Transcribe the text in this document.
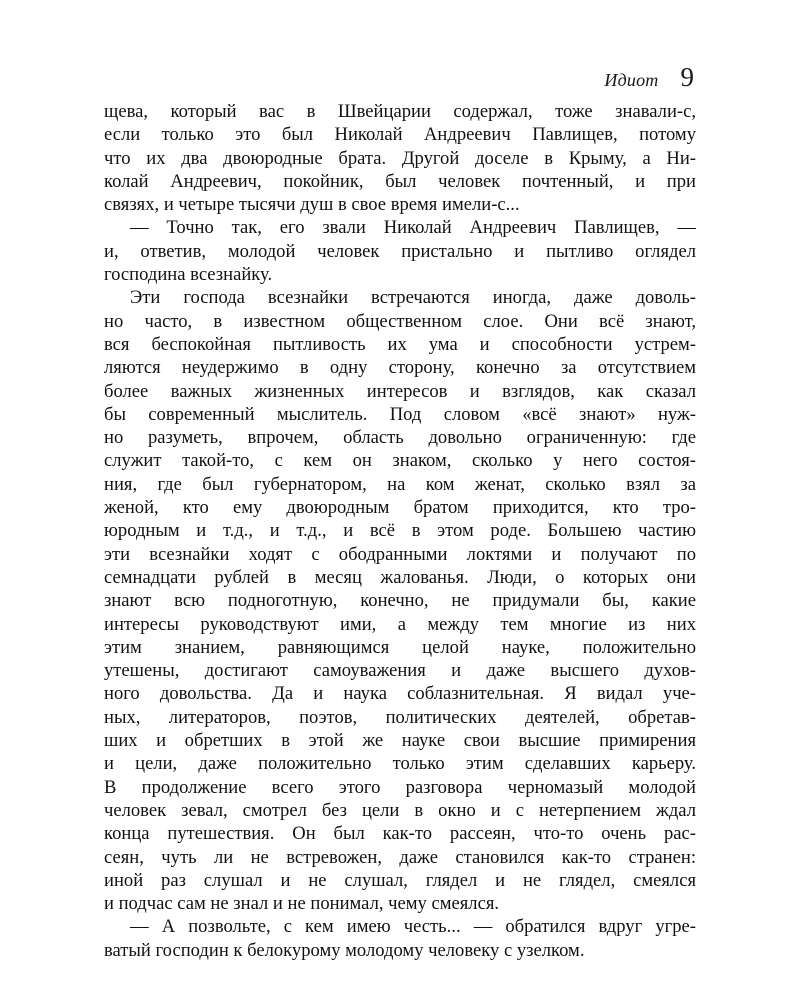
Идиот 9
щева, который вас в Швейцарии содержал, тоже знавали-с,
если только это был Николай Андреевич Павлищев, потому
что их два двоюродные брата. Другой доселе в Крыму, а Ни-
колай Андреевич, покойник, был человек почтенный, и при
связях, и четыре тысячи душ в свое время имели-с...
— Точно так, его звали Николай Андреевич Павлищев, —
и, ответив, молодой человек пристально и пытливо оглядел
господина всезнайку.
Эти господа всезнайки встречаются иногда, даже доволь-
но часто, в известном общественном слое. Они всё знают,
вся беспокойная пытливость их ума и способности устрем-
ляются неудержимо в одну сторону, конечно за отсутствием
более важных жизненных интересов и взглядов, как сказал
бы современный мыслитель. Под словом «всё знают» нуж-
но разуметь, впрочем, область довольно ограниченную: где
служит такой-то, с кем он знаком, сколько у него состоя-
ния, где был губернатором, на ком женат, сколько взял за
женой, кто ему двоюродным братом приходится, кто тро-
юродным и т.д., и т.д., и всё в этом роде. Большею частию
эти всезнайки ходят с ободранными локтями и получают по
семнадцати рублей в месяц жалованья. Люди, о которых они
знают всю подноготную, конечно, не придумали бы, какие
интересы руководствуют ими, а между тем многие из них
этим знанием, равняющимся целой науке, положительно
утешены, достигают самоуважения и даже высшего духов-
ного довольства. Да и наука соблазнительная. Я видал уче-
ных, литераторов, поэтов, политических деятелей, обретав-
ших и обретших в этой же науке свои высшие примирения
и цели, даже положительно только этим сделавших карьеру.
В продолжение всего этого разговора черномазый молодой
человек зевал, смотрел без цели в окно и с нетерпением ждал
конца путешествия. Он был как-то рассеян, что-то очень рас-
сеян, чуть ли не встревожен, даже становился как-то странен:
иной раз слушал и не слушал, глядел и не глядел, смеялся
и подчас сам не знал и не понимал, чему смеялся.
— А позвольте, с кем имею честь... — обратился вдруг угре-
ватый господин к белокурому молодому человеку с узелком.
